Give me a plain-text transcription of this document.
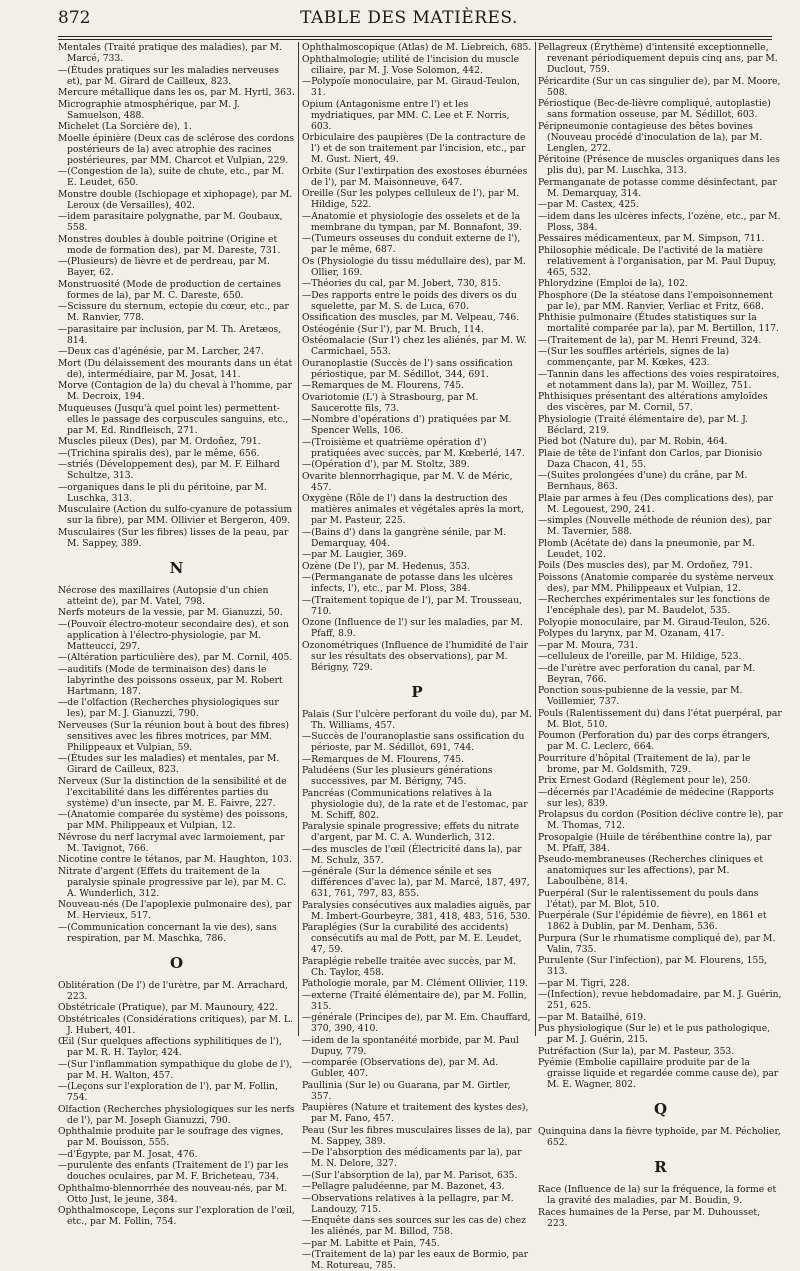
872	TABLE DES MATIÈRES.
Mentales (Traité pratique des maladies), par M. Marcé, 733.
—(Études pratiques sur les maladies nerveuses et), par M. Girard de Cailleux, 823.
Mercure métallique dans les os, par M. Hyrtl, 363.
Micrographie atmosphérique, par M. J. Samuelson, 488.
Michelet (La Sorcière de), 1.
Moelle épinière (Deux cas de sclérose des cordons postérieurs de la) avec atrophie des racines postérieures, par MM. Charcot et Vulpian, 229.
—(Congestion de la), suite de chute, etc., par M. E. Leudet, 650.
Monstre double (Ischiopage et xiphopage), par M. Leroux (de Versailles), 402.
—idem parasitaire polygnathe, par M. Goubaux, 558.
Monstres doubles à double poitrine (Origine et mode de formation des), par M. Dareste, 731.
—(Plusieurs) de lièvre et de perdreau, par M. Bayer, 62.
Monstruosité (Mode de production de certaines formes de la), par M. C. Dareste, 650.
—Scissure du sternum, ectopie du cœur, etc., par M. Ranvier, 778.
—parasitaire par inclusion, par M. Th. Aretæos, 814.
—Deux cas d'agénésie, par M. Larcher, 247.
Mort (Du délaissement des mourants dans un état de), intermédiaire, par M. Josat, 141.
Morve (Contagion de la) du cheval à l'homme, par M. Decroix, 194.
Muqueuses (Jusqu'à quel point les) permettent-elles le passage des corpuscules sanguins, etc., par M. Ed. Rindfleisch, 271.
Muscles pileux (Des), par M. Ordoñez, 791.
—(Trichina spiralis des), par le même, 656.
—striés (Développement des), par M. F. Eilhard Schultze, 313.
—organiques dans le pli du péritoine, par M. Luschka, 313.
Musculaire (Action du sulfo-cyanure de potassium sur la fibre), par MM. Ollivier et Bergeron, 409.
Musculaires (Sur les fibres) lisses de la peau, par M. Sappey, 389.
N
Nécrose des maxillaires (Autopsie d'un chien atteint de), par M. Vatel, 798.
Nerfs moteurs de la vessie, par M. Gianuzzi, 50.
—(Pouvoir électro-moteur secondaire des), et son application à l'électro-physiologie, par M. Matteucci, 297.
—(Altération particulière des), par M. Cornil, 405.
—auditifs (Mode de terminaison des) dans le labyrinthe des poissons osseux, par M. Robert Hartmann, 187.
—de l'olfaction (Recherches physiologiques sur les), par M. J. Gianuzzi, 790.
Nerveuses (Sur la réunion bout à bout des fibres) sensitives avec les fibres motrices, par MM. Philippeaux et Vulpian, 59.
—(Études sur les maladies) et mentales, par M. Girard de Cailleux, 823.
Nerveux (Sur la distinction de la sensibilité et de l'excitabilité dans les différentes parties du système) d'un insecte, par M. E. Faivre, 227.
—(Anatomie comparée du système) des poissons, par MM. Philippeaux et Vulpian, 12.
Névrose du nerf lacrymal avec larmoiement, par M. Tavignot, 766.
Nicotine contre le tétanos, par M. Haughton, 103.
Nitrate d'argent (Effets du traitement de la paralysie spinale progressive par le), par M. C. A. Wunderlich, 312.
Nouveau-nés (De l'apoplexie pulmonaire des), par M. Hervieux, 517.
—(Communication concernant la vie des), sans respiration, par M. Maschka, 786.
O
Oblitération (De l') de l'urètre, par M. Arrachard, 223.
Obstétricale (Pratique), par M. Maunoury, 422.
Obstétricales (Considérations critiques), par M. L. J. Hubert, 401.
Œil (Sur quelques affections syphilitiques de l'), par M. R. H. Taylor, 424.
—(Sur l'inflammation sympathique du globe de l'), par M. H. Walton, 457.
—(Leçons sur l'exploration de l'), par M. Follin, 754.
Olfaction (Recherches physiologiques sur les nerfs de l'), par M. Joseph Gianuzzi, 790.
Ophthalmie produite par le soufrage des vignes, par M. Bouisson, 555.
—d'Égypte, par M. Josat, 476.
—purulente des enfants (Traitement de l') par les douches oculaires, par M. F. Bricheteau, 734.
Ophthalmo-blennorrhée des nouveau-nés, par M. Otto Just, le jeune, 384.
Ophthalmoscope, Leçons sur l'exploration de l'œil, etc., par M. Follin, 754.
Ophthalmoscopique (Atlas) de M. Liebreich, 685.
Ophthalmologie; utilité de l'incision du muscle ciliaire, par M. J. Vose Solomon, 442.
—Polypoïe monoculaire, par M. Giraud-Teulon, 31.
Opium (Antagonisme entre l') et les mydriatiques, par MM. C. Lee et F. Norris, 603.
Orbiculaire des paupières (De la contracture de l') et de son traitement par l'incision, etc., par M. Gust. Niert, 49.
Orbite (Sur l'extirpation des exostoses éburnées de l'), par M. Maisonneuve, 647.
Oreille (Sur les polypes celluleux de l'), par M. Hildige, 522.
—Anatomie et physiologie des osselets et de la membrane du tympan, par M. Bonnafont, 39.
—(Tumeurs osseuses du conduit externe de l'), par le même, 687.
Os (Physiologie du tissu médullaire des), par M. Ollier, 169.
—Théories du cal, par M. Jobert, 730, 815.
—Des rapports entre le poids des divers os du squelette, par M. S. de Luca, 670.
Ossification des muscles, par M. Velpeau, 746.
Ostéogénie (Sur l'), par M. Bruch, 114.
Ostéomalacie (Sur l') chez les aliénés, par M. W. Carmichael, 553.
Ouranoplastie (Succès de l') sans ossification périostique, par M. Sédillot, 344, 691.
—Remarques de M. Flourens, 745.
Ovariotomie (L') à Strasbourg, par M. Saucerotte fils, 73.
—Nombre d'opérations d') pratiquées par M. Spencer Wells, 106.
—(Troisième et quatrième opération d') pratiquées avec succès, par M. Kœberlé, 147.
—(Opération d'), par M. Stoltz, 389.
Ovarite blennorrhagique, par M. V. de Méric, 457.
Oxygène (Rôle de l') dans la destruction des matières animales et végétales après la mort, par M. Pasteur, 225.
—(Bains d') dans la gangrène sénile, par M. Demarquay, 404.
—par M. Laugier, 369.
Ozène (De l'), par M. Hedenus, 353.
—(Permanganate de potasse dans les ulcères infects, l'), etc., par M. Ploss, 384.
—(Traitement topique de l'), par M. Trousseau, 710.
Ozone (Influence de l') sur les maladies, par M. Pfaff, 8.9.
Ozonométriques (Influence de l'humidité de l'air sur les résultats des observations), par M. Bérigny, 729.
P
Palais (Sur l'ulcère perforant du voile du), par M. Th. Williams, 457.
—Succès de l'ouranoplastie sans ossification du périoste, par M. Sédillot, 691, 744.
—Remarques de M. Flourens, 745.
Paludéens (Sur les plusieurs générations successives, par M. Bérigny, 745.
Pancréas (Communications relatives à la physiologie du), de la rate et de l'estomac, par M. Schiff, 802.
Paralysie spinale progressive; effets du nitrate d'argent, par M. C. A. Wunderlich, 312.
—des muscles de l'œil (Électricité dans la), par M. Schulz, 357.
—générale (Sur la démence sénile et ses différences d'avec la), par M. Marcé, 187, 497, 631, 761, 797, 83, 855.
Paralysies consécutives aux maladies aiguës, par M. Imbert-Gourbeyre, 381, 418, 483, 516, 530.
Paraplégies (Sur la curabilité des accidents) consécutifs au mal de Pott, par M. E. Leudet, 47, 59.
Paraplégie rebelle traitée avec succès, par M. Ch. Taylor, 458.
Pathologie morale, par M. Clément Ollivier, 119.
—externe (Traité élémentaire de), par M. Follin, 315.
—générale (Principes de), par M. Em. Chauffard, 370, 390, 410.
—idem de la spontanéité morbide, par M. Paul Dupuy, 779.
—comparée (Observations de), par M. Ad. Gubler, 407.
Paullinia (Sur le) ou Guarana, par M. Girtler, 357.
Paupières (Nature et traitement des kystes des), par M. Fano, 457.
Peau (Sur les fibres musculaires lisses de la), par M. Sappey, 389.
—De l'absorption des médicaments par la), par M. N. Delore, 327.
—(Sur l'absorption de la), par M. Parisot, 635.
—Pellagre paludéenne, par M. Bazonet, 43.
—Observations relatives à la pellagre, par M. Landouzy, 715.
—Enquête dans ses sources sur les cas de) chez les aliénés, par M. Billod, 758.
—par M. Labitte et Pain, 745.
—(Traitement de la) par les eaux de Bormio, par M. Rotureau, 785.
Pellagreux (Érythème) d'intensité exceptionnelle, revenant périodiquement depuis cinq ans, par M. Duclout, 759.
Péricardite (Sur un cas singulier de), par M. Moore, 508.
Périostique (Bec-de-lièvre compliqué, autoplastie) sans formation osseuse, par M. Sédillot, 603.
Péripneumonie contagieuse des bêtes bovines (Nouveau procédé d'inoculation de la), par M. Lenglen, 272.
Péritoine (Présence de muscles organiques dans les plis du), par M. Luschka, 313.
Permanganate de potasse comme désinfectant, par M. Demarquay, 314.
—par M. Castex, 425.
—idem dans les ulcères infects, l'ozène, etc., par M. Ploss, 384.
Pessaires médicamenteux, par M. Simpson, 711.
Philosophie médicale. De l'activité de la matière relativement à l'organisation, par M. Paul Dupuy, 465, 532.
Phlorydzine (Emploi de la), 102.
Phosphore (De la stéatose dans l'empoisonnement par le), par MM. Ranvier, Verliac et Fritz, 668.
Phthisie pulmonaire (Études statistiques sur la mortalité comparée par la), par M. Bertillon, 117.
—(Traitement de la), par M. Henri Freund, 324.
—(Sur les souffles artériels, signes de la) commençante, par M. Kœkes, 423.
—Tannin dans les affections des voies respiratoires, et notamment dans la), par M. Woillez, 751.
Phthisiques présentant des altérations amyloïdes des viscères, par M. Cornil, 57.
Physiologie (Traité élémentaire de), par M. J. Béclard, 219.
Pied bot (Nature du), par M. Robin, 464.
Plaie de tête de l'infant don Carlos, par Dionisio Daza Chacon, 41, 55.
—(Suites prolongées d'une) du crâne, par M. Bernhaus, 863.
Plaie par armes à feu (Des complications des), par M. Legouest, 290, 241.
—simples (Nouvelle méthode de réunion des), par M. Tavernier, 588.
Plomb (Acétate de) dans la pneumonie, par M. Leudet, 102.
Poils (Des muscles des), par M. Ordoñez, 791.
Poissons (Anatomie comparée du système nerveux des), par MM. Philippeaux et Vulpian, 12.
—Recherches expérimentales sur les fonctions de l'encéphale des), par M. Baudelot, 535.
Polyopie monoculaire, par M. Giraud-Teulon, 526.
Polypes du larynx, par M. Ozanam, 417.
—par M. Moura, 731.
—celluleux de l'oreille, par M. Hildige, 523.
—de l'urètre avec perforation du canal, par M. Beyran, 766.
Ponction sous-pubienne de la vessie, par M. Voillemier, 737.
Pouls (Ralentissement du) dans l'état puerpéral, par M. Blot, 510.
Poumon (Perforation du) par des corps étrangers, par M. C. Leclerc, 664.
Pourriture d'hôpital (Traitement de la), par le brome, par M. Goldsmith, 729.
Prix Ernest Godard (Règlement pour le), 250.
—décernés par l'Académie de médecine (Rapports sur les), 839.
Prolapsus du cordon (Position déclive contre le), par M. Thomas, 712.
Prosopalgie (Huile de térébenthine contre la), par M. Pfaff, 384.
Pseudo-membraneuses (Recherches cliniques et anatomiques sur les affections), par M. Laboulbène, 814.
Puerpéral (Sur le ralentissement du pouls dans l'état), par M. Blot, 510.
Puerpérale (Sur l'épidémie de fièvre), en 1861 et 1862 à Dublin, par M. Denham, 536.
Purpura (Sur le rhumatisme compliqué de), par M. Valin, 735.
Purulente (Sur l'infection), par M. Flourens, 155, 313.
—par M. Tigri, 228.
—(Infection), revue hebdomadaire, par M. J. Guérin, 251, 625.
—par M. Batailhé, 619.
Pus physiologique (Sur le) et le pus pathologique, par M. J. Guérin, 215.
Putréfaction (Sur la), par M. Pasteur, 353.
Pyémie (Embolie capillaire produite par de la graisse liquide et regardée comme cause de), par M. E. Wagner, 802.
Q
Quinquina dans la fièvre typhoïde, par M. Pécholier, 652.
R
Race (Influence de la) sur la fréquence, la forme et la gravité des maladies, par M. Boudin, 9.
Races humaines de la Perse, par M. Duhousset, 223.
